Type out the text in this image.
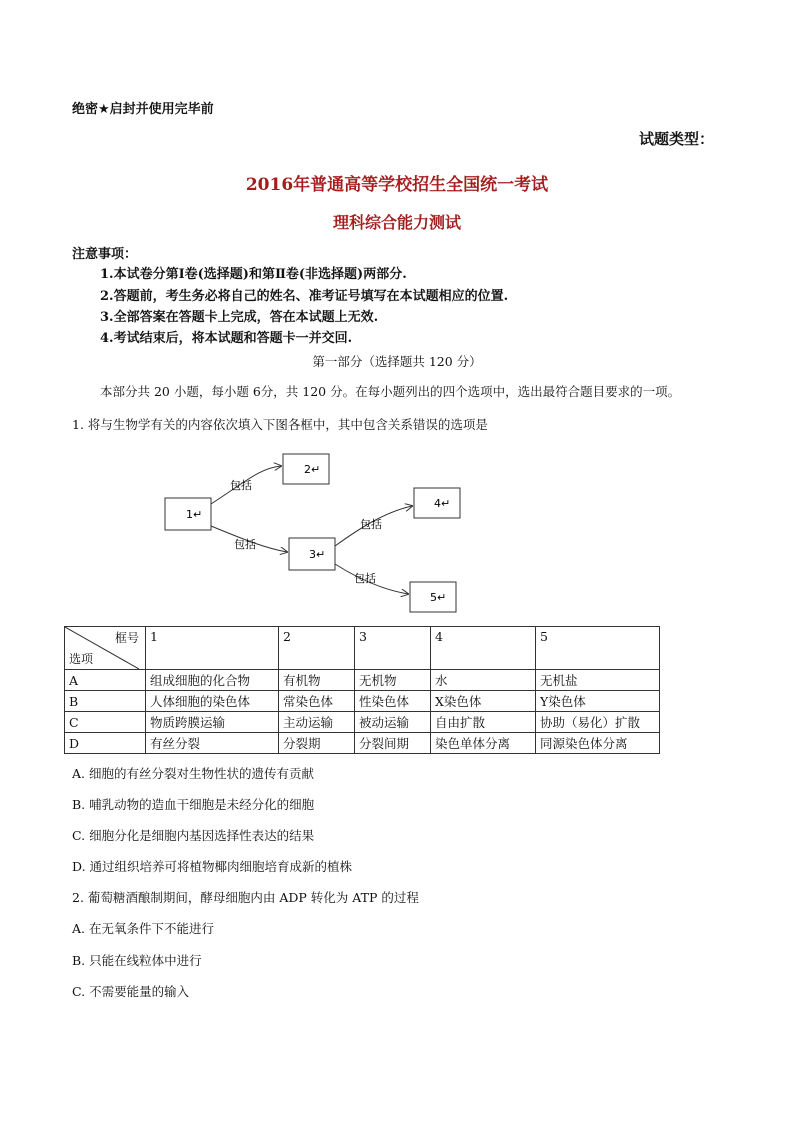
绝密★启封并使用完毕前
试题类型：
2016年普通高等学校招生全国统一考试
理科综合能力测试
注意事项：
1.本试卷分第Ⅰ卷(选择题)和第Ⅱ卷(非选择题)两部分.
2.答题前，考生务必将自己的姓名、准考证号填写在本试题相应的位置.
3.全部答案在答题卡上完成，答在本试题上无效.
4.考试结束后，将本试题和答题卡一并交回.
第一部分（选择题共 120 分）
本部分共 20 小题，每小题 6分，共 120 分。在每小题列出的四个选项中，选出最符合题目要求的一项。
1. 将与生物学有关的内容依次填入下图各框中，其中包含关系错误的选项是
1↵
2↵
3↵
4↵
5↵
包括
包括
包括
包括
框号
选项	1	2	3	4	5
A	组成细胞的化合物	有机物	无机物	水	无机盐
B	人体细胞的染色体	常染色体	性染色体	X染色体	Y染色体
C	物质跨膜运输	主动运输	被动运输	自由扩散	协助（易化）扩散
D	有丝分裂	分裂期	分裂间期	染色单体分离	同源染色体分离
A. 细胞的有丝分裂对生物性状的遗传有贡献
B. 哺乳动物的造血干细胞是未经分化的细胞
C. 细胞分化是细胞内基因选择性表达的结果
D. 通过组织培养可将植物椰肉细胞培育成新的植株
2. 葡萄糖酒酿制期间，酵母细胞内由 ADP 转化为 ATP 的过程
A. 在无氧条件下不能进行
B. 只能在线粒体中进行
C. 不需要能量的输入
